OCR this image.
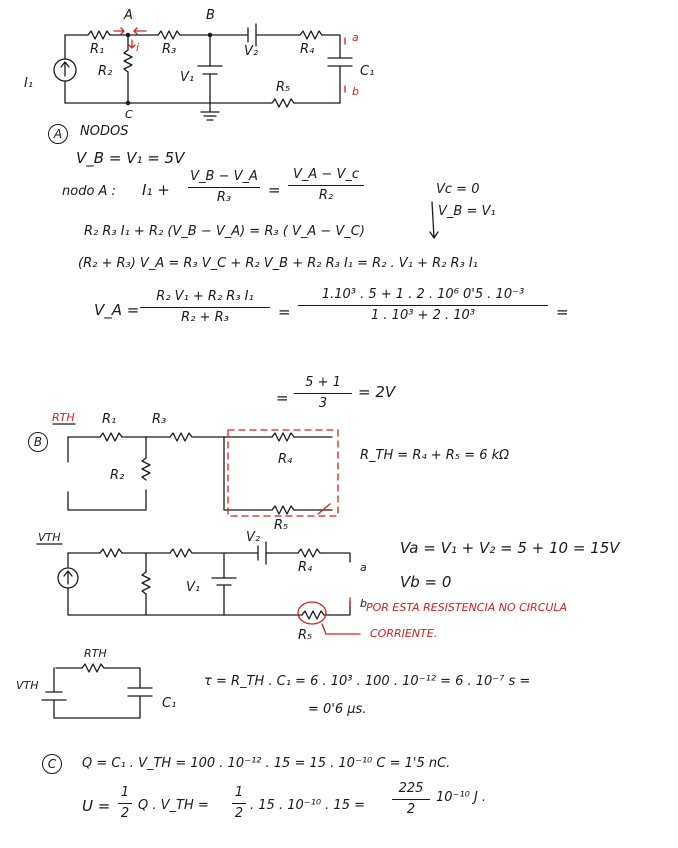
A	B
C
R₁
R₂
R₃	R₄
R₅
V₁
V₂
C₁
I₁
i
a
b
A	NODOS
V_B = V₁ = 5V
nodo A : I₁ +
V_B − V_A
R₃	=
V_A − V_c
R₂	Vc = 0
V_B = V₁
R₂ R₃ I₁ + R₂ (V_B − V_A) = R₃ ( V_A − V_C)
(R₂ + R₃) V_A = R₃ V_C + R₂ V_B + R₂ R₃ I₁ = R₂ . V₁ + R₂ R₃ I₁
V_A =
R₂ V₁ + R₂ R₃ I₁
R₂ + R₃	=
1.10³ . 5 + 1 . 2 . 10⁶ 0'5 . 10⁻³
1 . 10³ + 2 . 10³	=
=
5 + 1
3
= 2V
B
RTH R₁	R₃
R₂
R₄
R₅
R_TH = R₄ + R₅ = 6 kΩ
VTH	V₂
V₁
R₄
R₅
a
b
Va = V₁ + V₂ = 5 + 10 = 15V
Vb = 0
POR ESTA RESISTENCIA NO CIRCULA
CORRIENTE.
RTH
VTH
C₁
τ = R_TH . C₁ = 6 . 10³ . 100 . 10⁻¹² = 6 . 10⁻⁷ s =
= 0'6 μs.
C	Q = C₁ . V_TH = 100 . 10⁻¹² . 15 = 15 . 10⁻¹⁰ C = 1'5 nC.
U =
1
2
Q . V_TH =
1
2
. 15 . 10⁻¹⁰ . 15 =
225
2
10⁻¹⁰ J .
